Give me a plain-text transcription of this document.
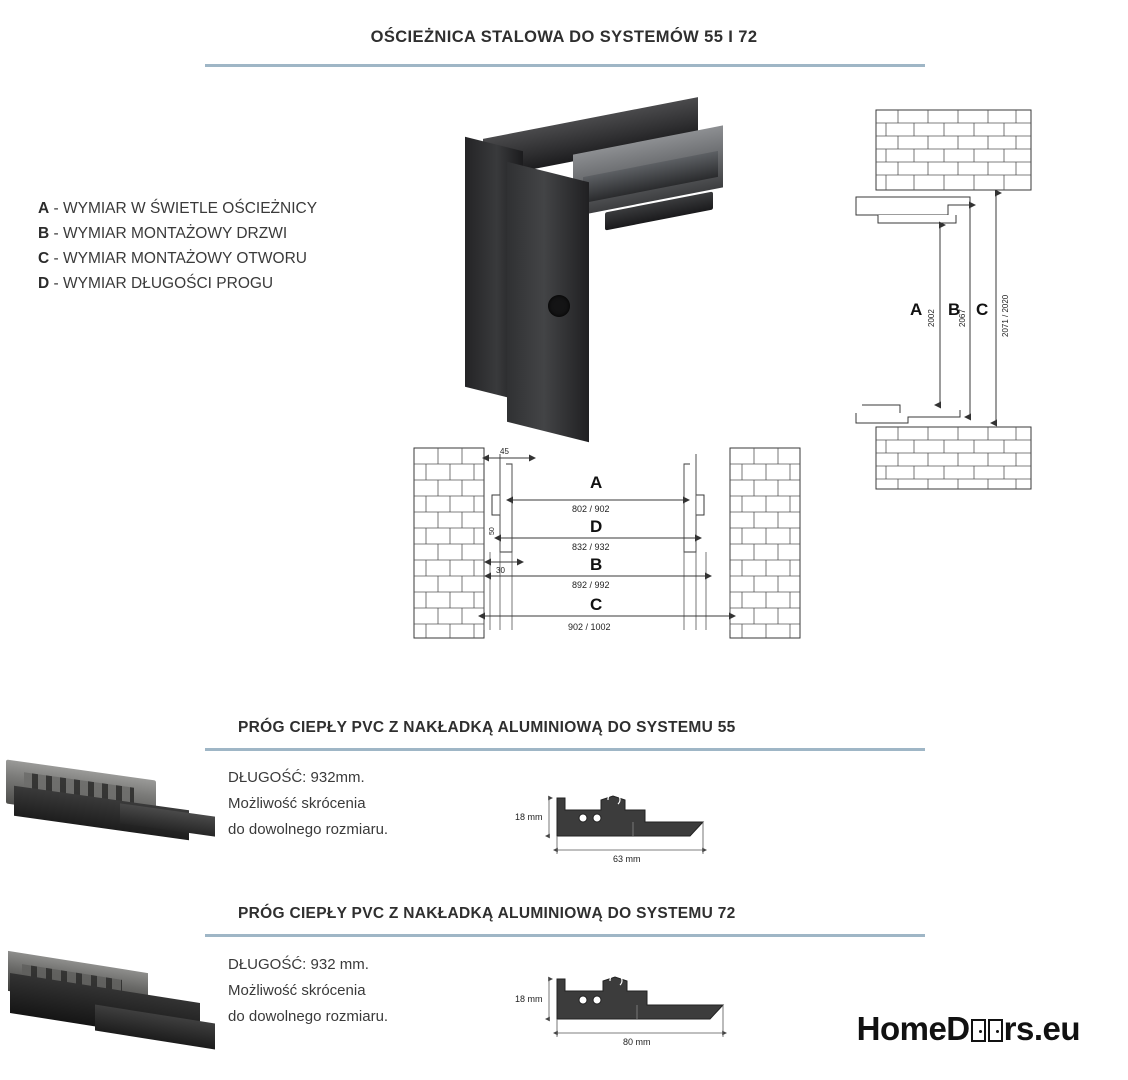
OŚCIEŻNICA STALOWA DO SYSTEMÓW 55 I 72
A - WYMIAR W ŚWIETLE OŚCIEŻNICY
B - WYMIAR MONTAŻOWY DRZWI
C - WYMIAR MONTAŻOWY OTWORU
D - WYMIAR DŁUGOŚCI PROGU
A 2002 B
2067 C 2071 / 2020
45
50
30
A
802 / 902
D
832 / 932
B
892 / 992
C
902 / 1002
PRÓG CIEPŁY PVC Z NAKŁADKĄ ALUMINIOWĄ DO SYSTEMU 55
DŁUGOŚĆ: 932mm.
Możliwość skrócenia
do dowolnego rozmiaru.
18 mm
63 mm
PRÓG CIEPŁY PVC Z NAKŁADKĄ ALUMINIOWĄ DO SYSTEMU 72
DŁUGOŚĆ: 932 mm.
Możliwość skrócenia
do dowolnego rozmiaru.
18 mm
80 mm	HomeD rs.eu
